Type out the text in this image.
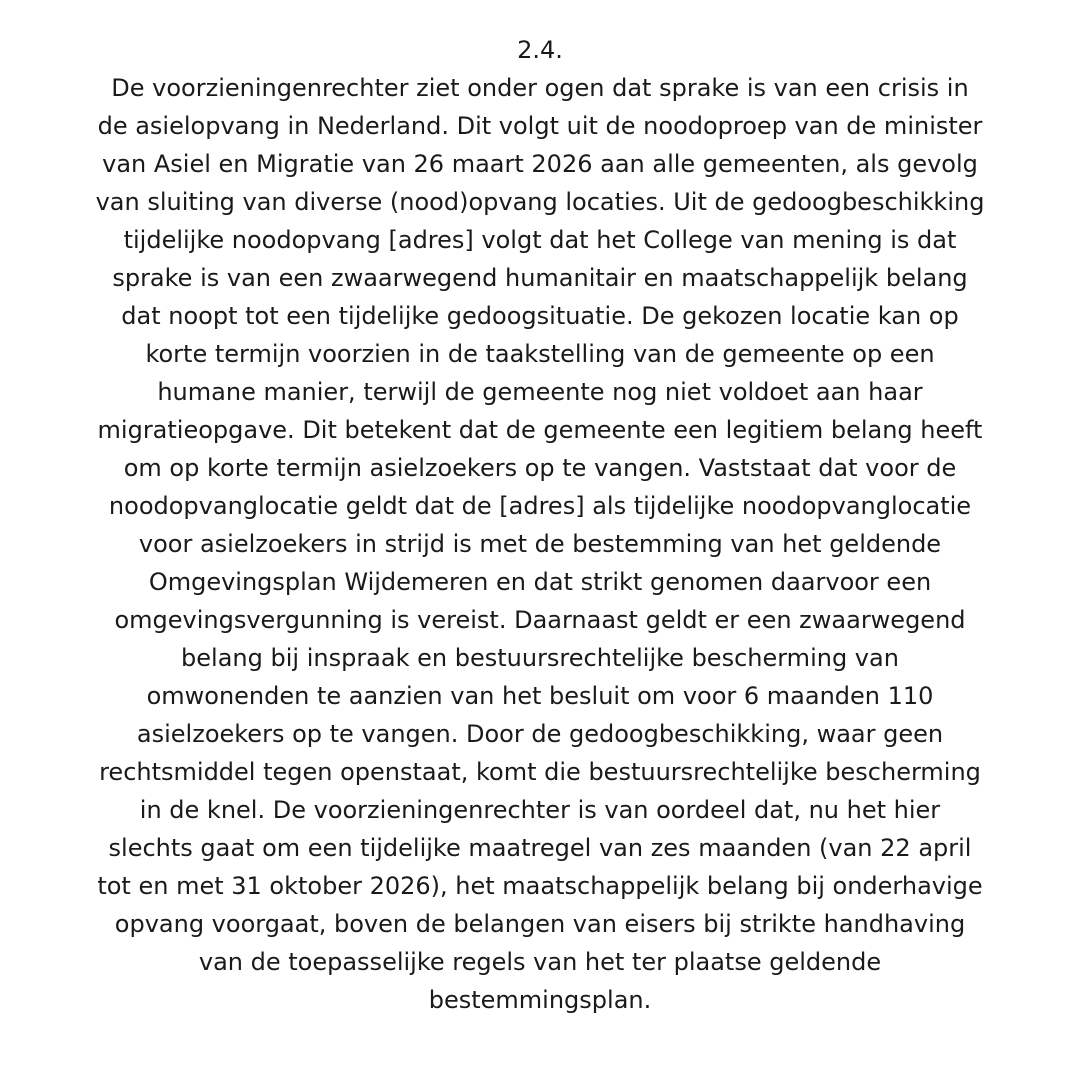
2.4.
De voorzieningenrechter ziet onder ogen dat sprake is van een crisis in
de asielopvang in Nederland. Dit volgt uit de noodoproep van de minister
van Asiel en Migratie van 26 maart 2026 aan alle gemeenten, als gevolg
van sluiting van diverse (nood)opvang locaties. Uit de gedoogbeschikking
tijdelijke noodopvang [adres] volgt dat het College van mening is dat
sprake is van een zwaarwegend humanitair en maatschappelijk belang
dat noopt tot een tijdelijke gedoogsituatie. De gekozen locatie kan op
korte termijn voorzien in de taakstelling van de gemeente op een
humane manier, terwijl de gemeente nog niet voldoet aan haar
migratieopgave. Dit betekent dat de gemeente een legitiem belang heeft
om op korte termijn asielzoekers op te vangen. Vaststaat dat voor de
noodopvanglocatie geldt dat de [adres] als tijdelijke noodopvanglocatie
voor asielzoekers in strijd is met de bestemming van het geldende
Omgevingsplan Wijdemeren en dat strikt genomen daarvoor een
omgevingsvergunning is vereist. Daarnaast geldt er een zwaarwegend
belang bij inspraak en bestuursrechtelijke bescherming van
omwonenden te aanzien van het besluit om voor 6 maanden 110
asielzoekers op te vangen. Door de gedoogbeschikking, waar geen
rechtsmiddel tegen openstaat, komt die bestuursrechtelijke bescherming
in de knel. De voorzieningenrechter is van oordeel dat, nu het hier
slechts gaat om een tijdelijke maatregel van zes maanden (van 22 april
tot en met 31 oktober 2026), het maatschappelijk belang bij onderhavige
opvang voorgaat, boven de belangen van eisers bij strikte handhaving
van de toepasselijke regels van het ter plaatse geldende
bestemmingsplan.
